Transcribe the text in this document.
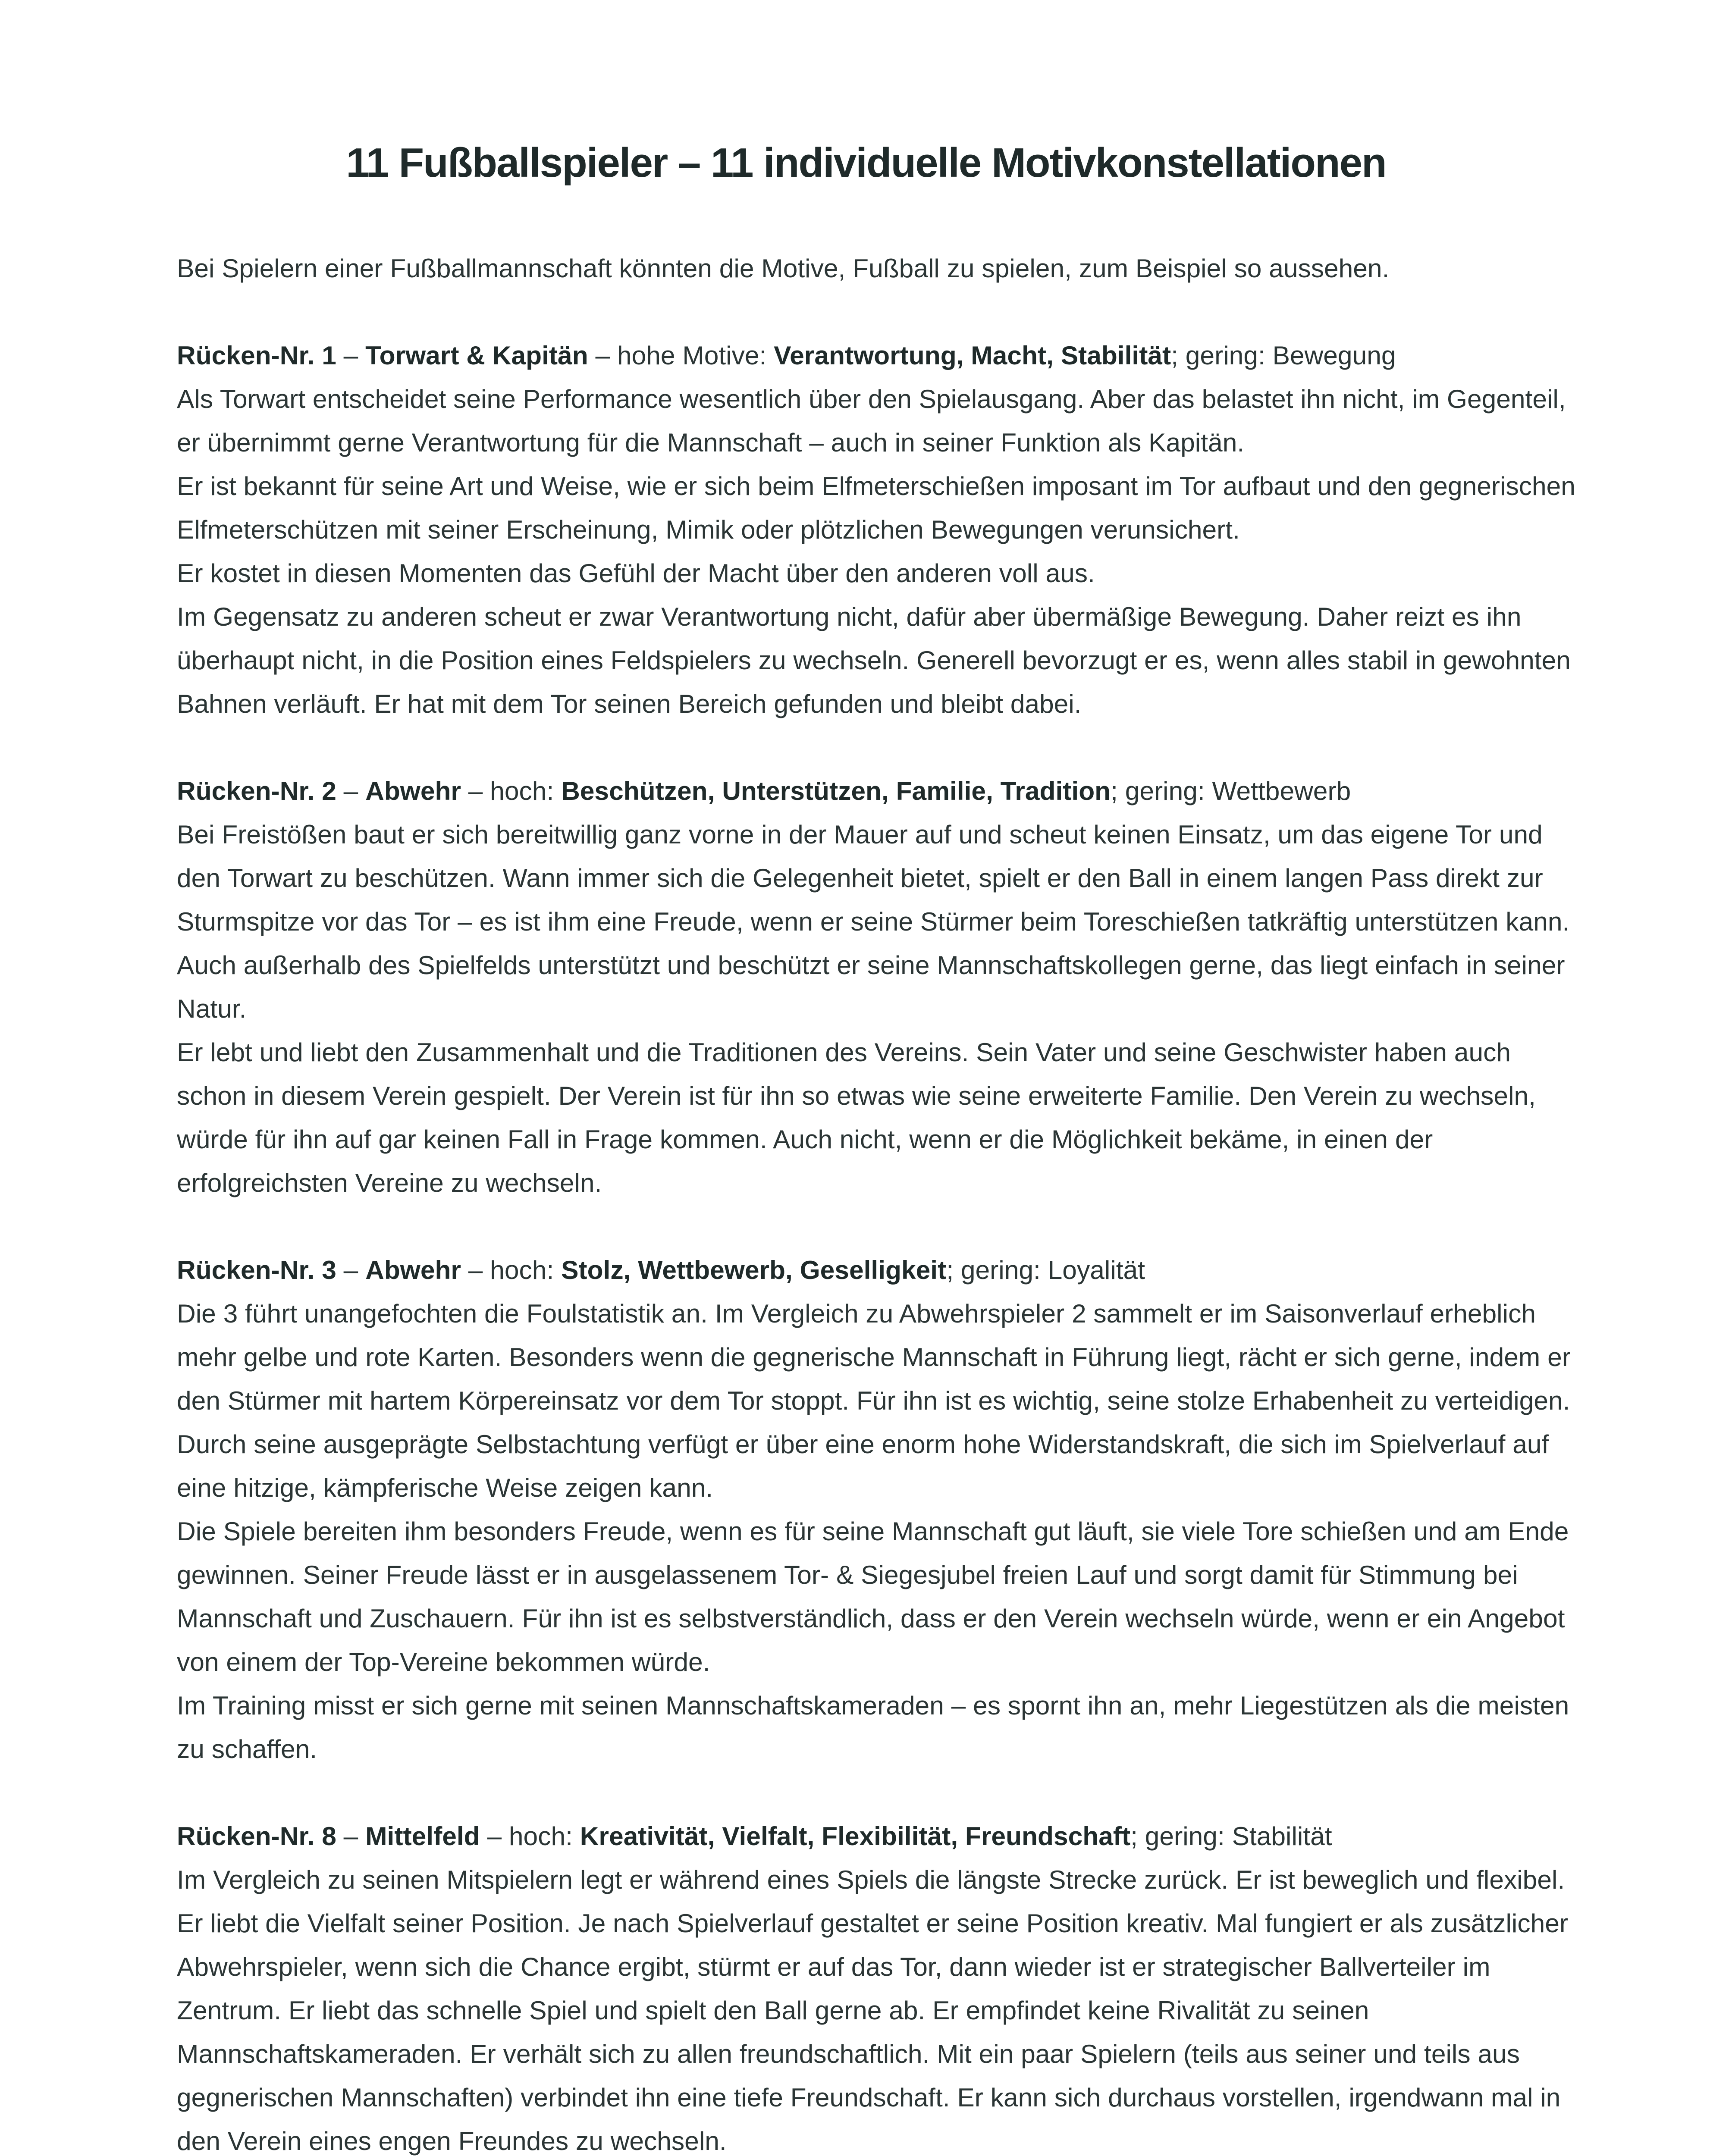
11 Fußballspieler – 11 individuelle Motivkonstellationen

Bei Spielern einer Fußballmannschaft könnten die Motive, Fußball zu spielen, zum Beispiel so aussehen.

Rücken-Nr. 1 – Torwart & Kapitän – hohe Motive: Verantwortung, Macht, Stabilität; gering: Bewegung

Als Torwart entscheidet seine Performance wesentlich über den Spielausgang. Aber das belastet ihn nicht, im Gegenteil, er übernimmt gerne Verantwortung für die Mannschaft – auch in seiner Funktion als Kapitän.

Er ist bekannt für seine Art und Weise, wie er sich beim Elfmeterschießen imposant im Tor aufbaut und den gegnerischen Elfmeterschützen mit seiner Erscheinung, Mimik oder plötzlichen Bewegungen verunsichert.

Er kostet in diesen Momenten das Gefühl der Macht über den anderen voll aus.

Im Gegensatz zu anderen scheut er zwar Verantwortung nicht, dafür aber übermäßige Bewegung. Daher reizt es ihn überhaupt nicht, in die Position eines Feldspielers zu wechseln. Generell bevorzugt er es, wenn alles stabil in gewohnten Bahnen verläuft. Er hat mit dem Tor seinen Bereich gefunden und bleibt dabei.

Rücken-Nr. 2 – Abwehr – hoch: Beschützen, Unterstützen, Familie, Tradition; gering: Wettbewerb

Bei Freistößen baut er sich bereitwillig ganz vorne in der Mauer auf und scheut keinen Einsatz, um das eigene Tor und den Torwart zu beschützen. Wann immer sich die Gelegenheit bietet, spielt er den Ball in einem langen Pass direkt zur Sturmspitze vor das Tor – es ist ihm eine Freude, wenn er seine Stürmer beim Toreschießen tatkräftig unterstützen kann. Auch außerhalb des Spielfelds unterstützt und beschützt er seine Mannschaftskollegen gerne, das liegt einfach in seiner Natur.

Er lebt und liebt den Zusammenhalt und die Traditionen des Vereins. Sein Vater und seine Geschwister haben auch schon in diesem Verein gespielt. Der Verein ist für ihn so etwas wie seine erweiterte Familie. Den Verein zu wechseln, würde für ihn auf gar keinen Fall in Frage kommen. Auch nicht, wenn er die Möglichkeit bekäme, in einen der erfolgreichsten Vereine zu wechseln.

Rücken-Nr. 3 – Abwehr – hoch: Stolz, Wettbewerb, Geselligkeit; gering: Loyalität

Die 3 führt unangefochten die Foulstatistik an. Im Vergleich zu Abwehrspieler 2 sammelt er im Saisonverlauf erheblich mehr gelbe und rote Karten. Besonders wenn die gegnerische Mannschaft in Führung liegt, rächt er sich gerne, indem er den Stürmer mit hartem Körpereinsatz vor dem Tor stoppt. Für ihn ist es wichtig, seine stolze Erhabenheit zu verteidigen. Durch seine ausgeprägte Selbstachtung verfügt er über eine enorm hohe Widerstandskraft, die sich im Spielverlauf auf eine hitzige, kämpferische Weise zeigen kann.

Die Spiele bereiten ihm besonders Freude, wenn es für seine Mannschaft gut läuft, sie viele Tore schießen und am Ende gewinnen. Seiner Freude lässt er in ausgelassenem Tor- & Siegesjubel freien Lauf und sorgt damit für Stimmung bei Mannschaft und Zuschauern. Für ihn ist es selbstverständlich, dass er den Verein wechseln würde, wenn er ein Angebot von einem der Top-Vereine bekommen würde.

Im Training misst er sich gerne mit seinen Mannschaftskameraden – es spornt ihn an, mehr Liegestützen als die meisten zu schaffen.

Rücken-Nr. 8 – Mittelfeld – hoch: Kreativität, Vielfalt, Flexibilität, Freundschaft; gering: Stabilität

Im Vergleich zu seinen Mitspielern legt er während eines Spiels die längste Strecke zurück. Er ist beweglich und flexibel. Er liebt die Vielfalt seiner Position. Je nach Spielverlauf gestaltet er seine Position kreativ. Mal fungiert er als zusätzlicher Abwehrspieler, wenn sich die Chance ergibt, stürmt er auf das Tor, dann wieder ist er strategischer Ballverteiler im Zentrum. Er liebt das schnelle Spiel und spielt den Ball gerne ab. Er empfindet keine Rivalität zu seinen Mannschaftskameraden. Er verhält sich zu allen freundschaftlich. Mit ein paar Spielern (teils aus seiner und teils aus gegnerischen Mannschaften) verbindet ihn eine tiefe Freundschaft. Er kann sich durchaus vorstellen, irgendwann mal in den Verein eines engen Freundes zu wechseln.
